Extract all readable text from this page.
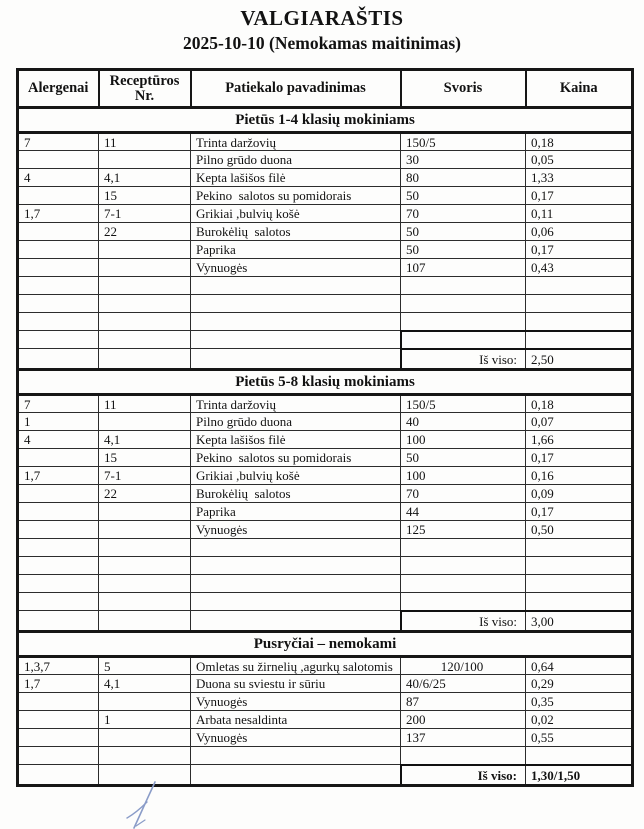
VALGIARAŠTIS
2025-10-10 (Nemokamas maitinimas)
Alergenai	Receptūros Nr.	Patiekalo pavadinimas	Svoris	Kaina
Pietūs 1-4 klasių mokiniams				
7	11	Trinta daržovių	150/5	0,18
		Pilno grūdo duona	30	0,05
4	4,1	Kepta lašišos filė	80	1,33
	15	Pekino  salotos su pomidorais	50	0,17
1,7	7-1	Grikiai ,bulvių košė	70	0,11
	22	Burokėlių  salotos	50	0,06
		Paprika	50	0,17
		Vynuogės	107	0,43

			Iš viso:	2,50
Pietūs 5-8 klasių mokiniams				
7	11	Trinta daržovių	150/5	0,18
1		Pilno grūdo duona	40	0,07
4	4,1	Kepta lašišos filė	100	1,66
	15	Pekino  salotos su pomidorais	50	0,17
1,7	7-1	Grikiai ,bulvių košė	100	0,16
	22	Burokėlių  salotos	70	0,09
		Paprika	44	0,17
		Vynuogės	125	0,50

			Iš viso:	3,00
Pusryčiai – nemokami				
1,3,7	5	Omletas su žirnelių ,agurkų salotomis	120/100	0,64
1,7	4,1	Duona su sviestu ir sūriu	40/6/25	0,29
		Vynuogės	87	0,35
	1	Arbata nesaldinta	200	0,02
		Vynuogės	137	0,55

			Iš viso:	1,30/1,50
